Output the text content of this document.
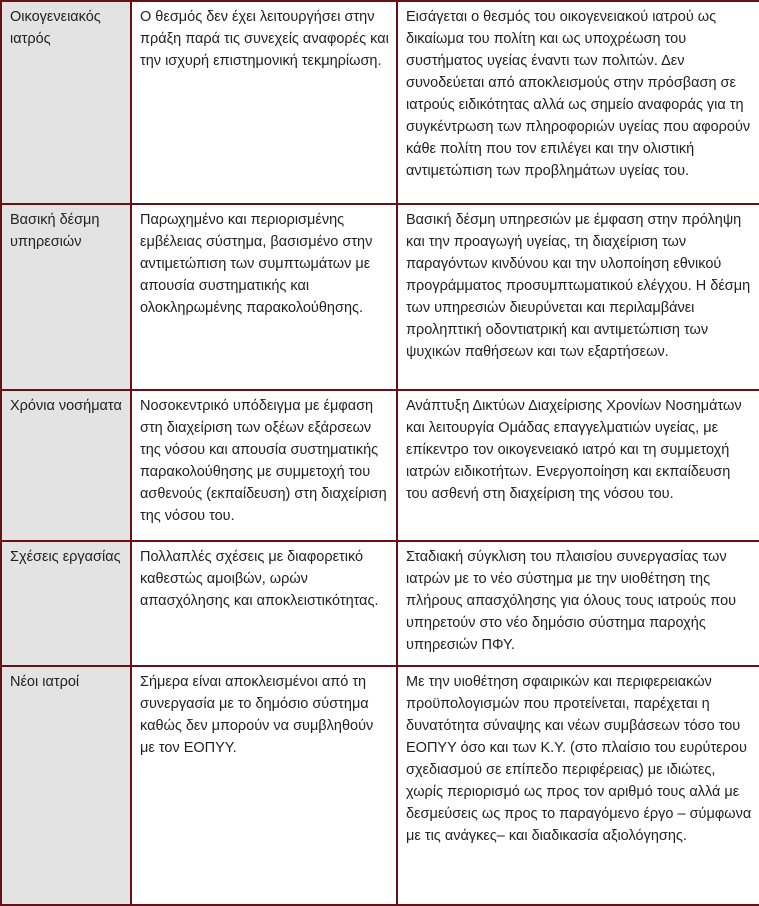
Οικογενειακός ιατρός	Ο θεσμός δεν έχει λειτουργήσει στην πράξη παρά τις συνεχείς αναφορές και την ισχυρή επιστημονική τεκμηρίωση.	Εισάγεται ο θεσμός του οικογενειακού ιατρού ως δικαίωμα του πολίτη και ως υποχρέωση του συστήματος υγείας έναντι των πολιτών. Δεν συνοδεύεται από αποκλεισμούς στην πρόσβαση σε ιατρούς ειδικότητας αλλά ως σημείο αναφοράς για τη συγκέντρωση των πληροφοριών υγείας που αφορούν κάθε πολίτη που τον επιλέγει και την ολιστική αντιμετώπιση των προβλημάτων υγείας του.
Βασική δέσμη υπηρεσιών	Παρωχημένο και περιορισμένης εμβέλειας σύστημα, βασισμένο στην αντιμετώπιση των συμπτωμάτων με απουσία συστηματικής και ολοκληρωμένης παρακολούθησης.	Βασική δέσμη υπηρεσιών με έμφαση στην πρόληψη και την προαγωγή υγείας, τη διαχείριση των παραγόντων κινδύνου και την υλοποίηση εθνικού προγράμματος προσυμπτωματικού ελέγχου. Η δέσμη των υπηρεσιών διευρύνεται και περιλαμβάνει προληπτική οδοντιατρική και αντιμετώπιση των ψυχικών παθήσεων και των εξαρτήσεων.
Χρόνια νοσήματα	Νοσοκεντρικό υπόδειγμα με έμφαση στη διαχείριση των οξέων εξάρσεων της νόσου και απουσία συστηματικής παρακολούθησης με συμμετοχή του ασθενούς (εκπαίδευση) στη διαχείριση της νόσου του.	Ανάπτυξη Δικτύων Διαχείρισης Χρονίων Νοσημάτων και λειτουργία Ομάδας επαγγελματιών υγείας, με επίκεντρο τον οικογενειακό ιατρό και τη συμμετοχή ιατρών ειδικοτήτων. Ενεργοποίηση και εκπαίδευση του ασθενή στη διαχείριση της νόσου του.
Σχέσεις εργασίας	Πολλαπλές σχέσεις με διαφορετικό καθεστώς αμοιβών, ωρών απασχόλησης και αποκλειστικότητας.	Σταδιακή σύγκλιση του πλαισίου συνεργασίας των ιατρών με το νέο σύστημα με την υιοθέτηση της πλήρους απασχόλησης για όλους τους ιατρούς που υπηρετούν στο νέο δημόσιο σύστημα παροχής υπηρεσιών ΠΦΥ.
Νέοι ιατροί	Σήμερα είναι αποκλεισμένοι από τη συνεργασία με το δημόσιο σύστημα καθώς δεν μπορούν να συμβληθούν με τον ΕΟΠΥΥ.	Με την υιοθέτηση σφαιρικών και περιφερειακών προϋπολογισμών που προτείνεται, παρέχεται η δυνατότητα σύναψης και νέων συμβάσεων τόσο του ΕΟΠΥΥ όσο και των Κ.Υ. (στο πλαίσιο του ευρύτερου σχεδιασμού σε επίπεδο περιφέρειας) με ιδιώτες, χωρίς περιορισμό ως προς τον αριθμό τους αλλά με δεσμεύσεις ως προς το παραγόμενο έργο – σύμφωνα με τις ανάγκες– και διαδικασία αξιολόγησης.
